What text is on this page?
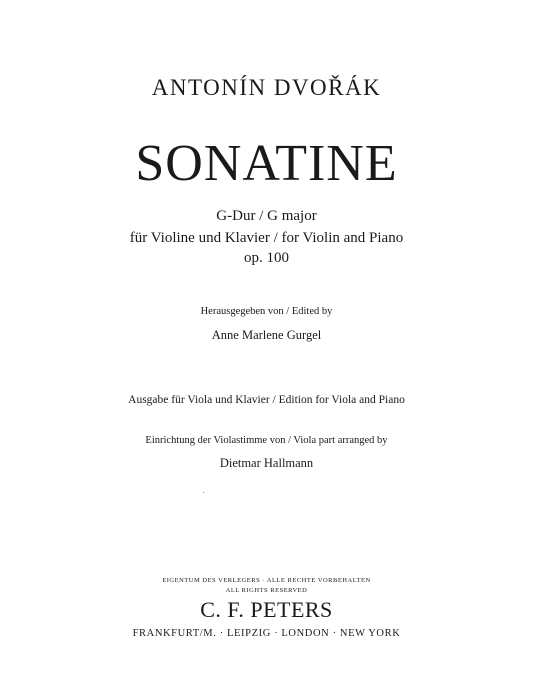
ANTONÍN DVOŘÁK
SONATINE
G-Dur / G major
für Violine und Klavier / for Violin and Piano
op. 100
Herausgegeben von / Edited by
Anne Marlene Gurgel
Ausgabe für Viola und Klavier / Edition for Viola and Piano
Einrichtung der Violastimme von / Viola part arranged by
Dietmar Hallmann
EIGENTUM DES VERLEGERS · ALLE RECHTE VORBEHALTEN
ALL RIGHTS RESERVED
C. F. PETERS
FRANKFURT/M. · LEIPZIG · LONDON · NEW YORK
